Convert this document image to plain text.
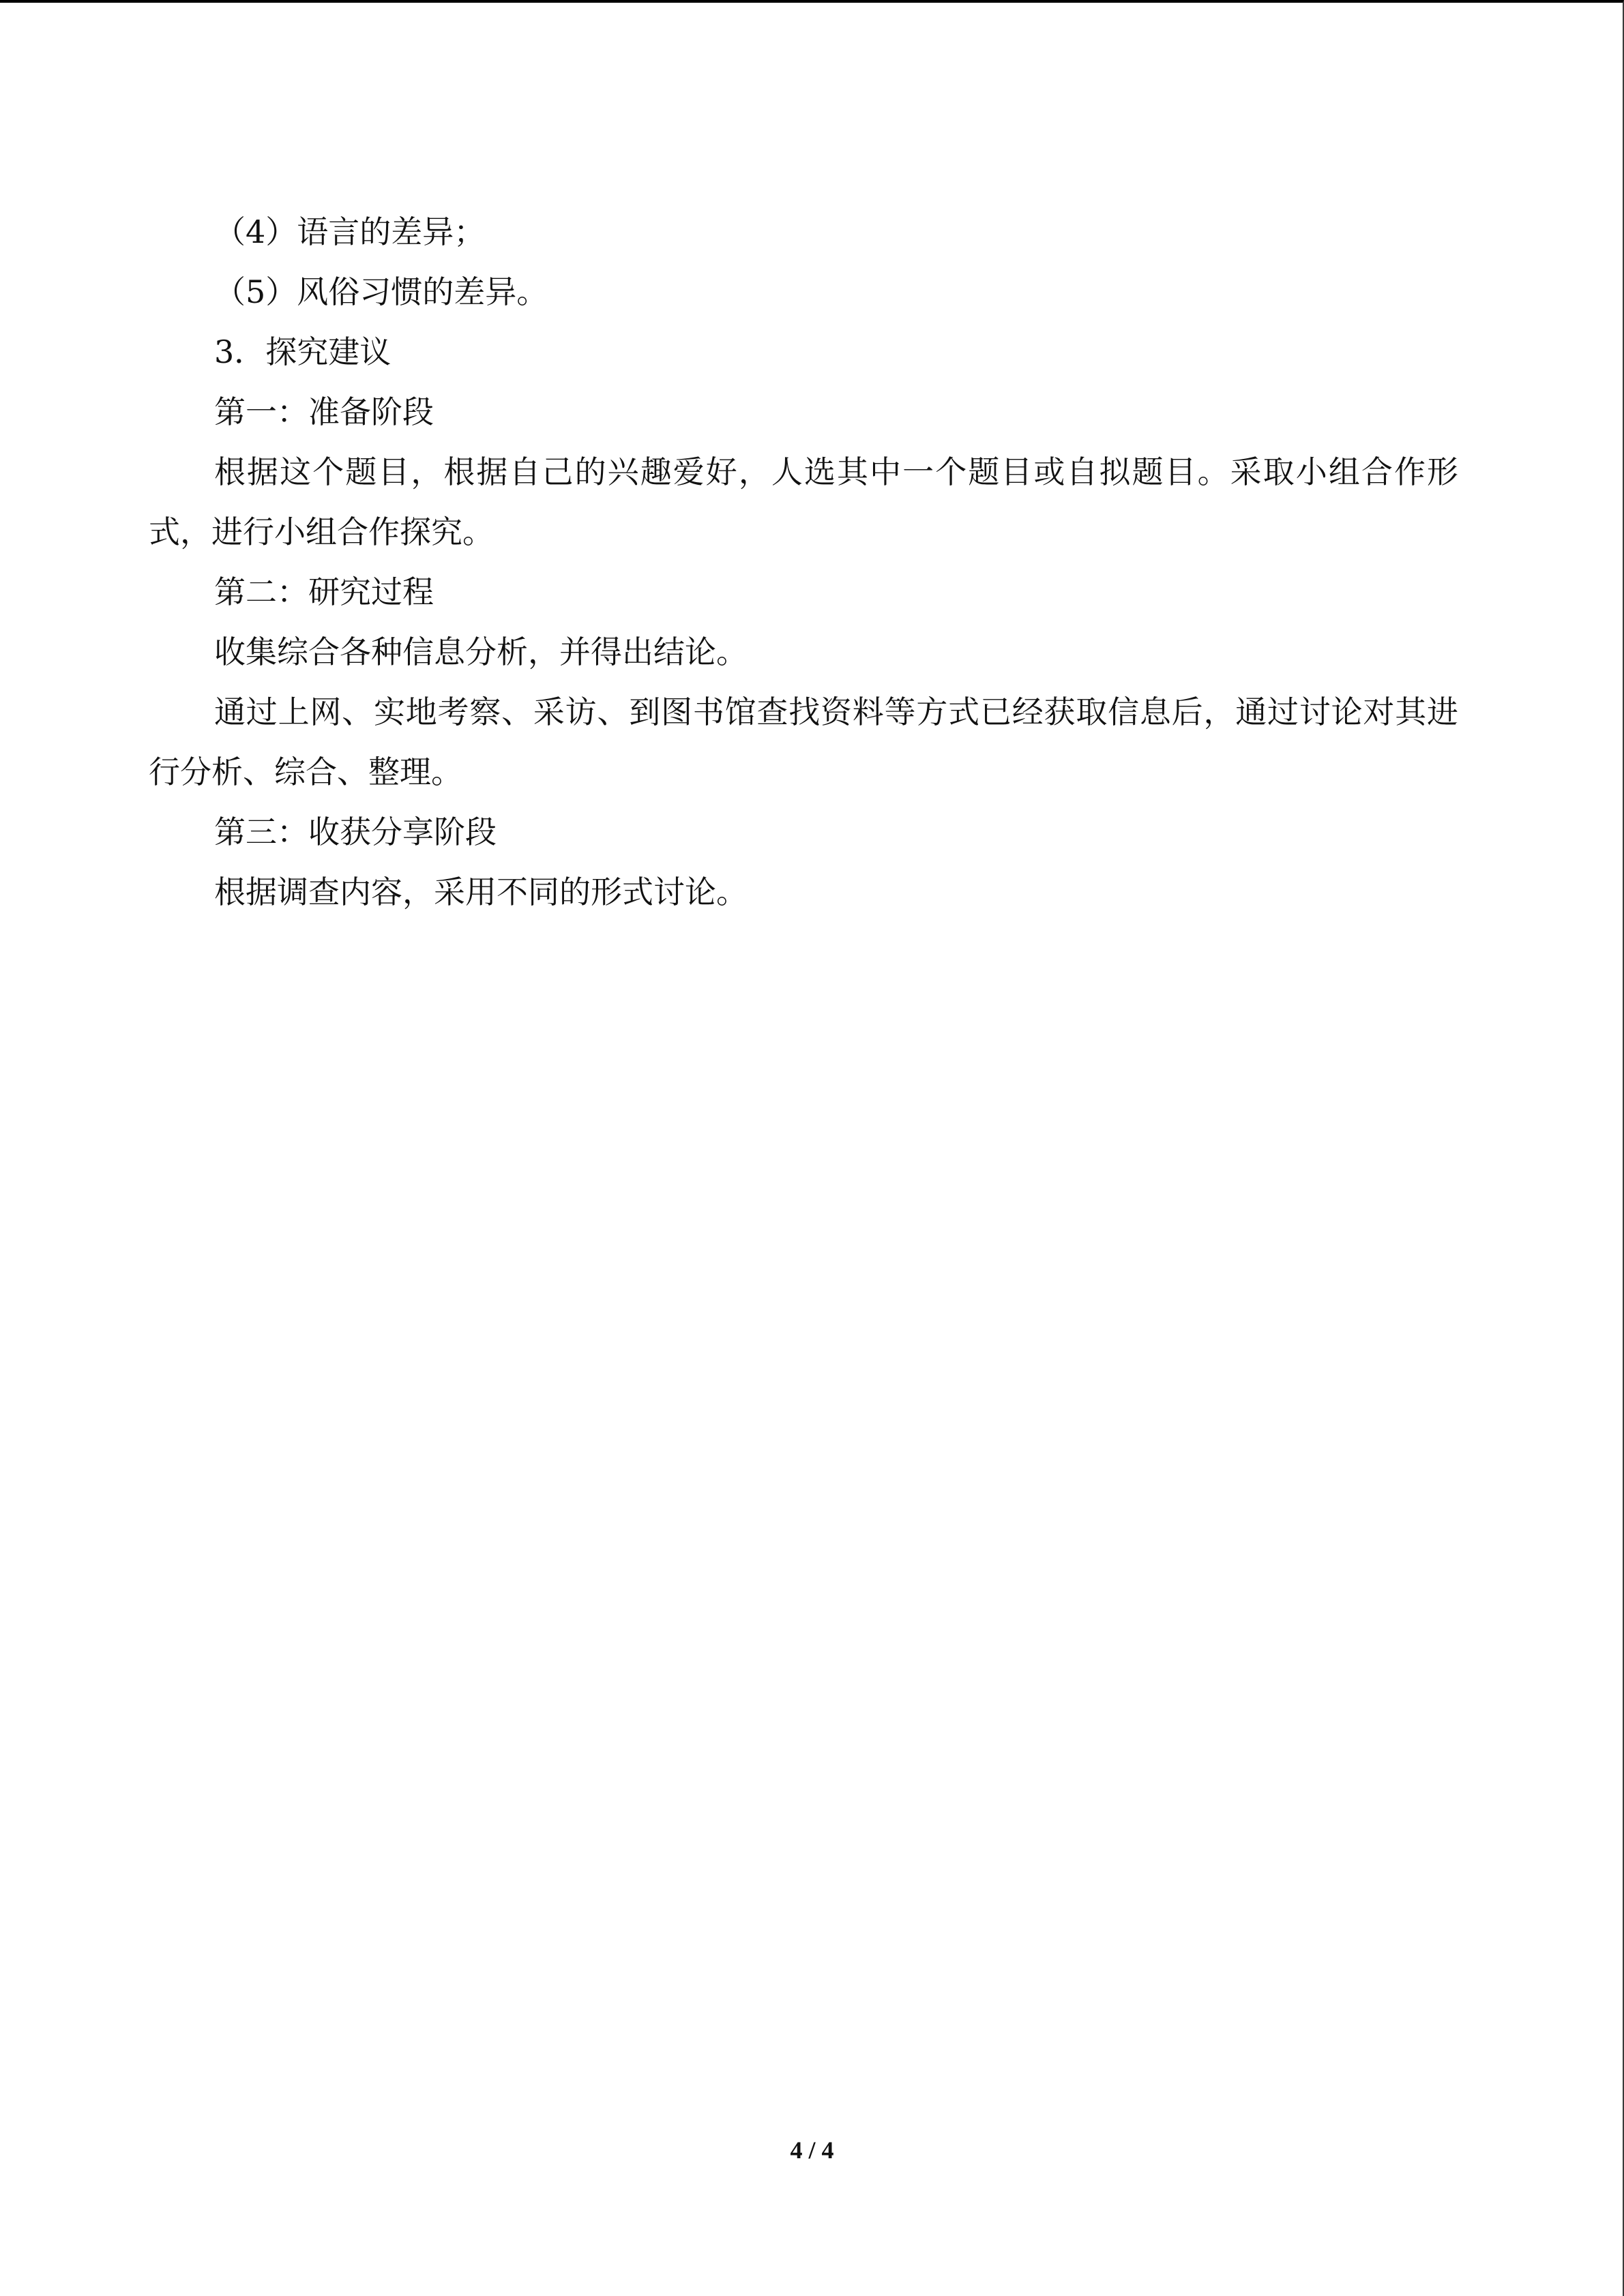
（4）语言的差异；

（5）风俗习惯的差异。

3．探究建议

第一：准备阶段

根据这个题目，根据自己的兴趣爱好，人选其中一个题目或自拟题目。采取小组合作形式，进行小组合作探究。

第二：研究过程

收集综合各种信息分析，并得出结论。

通过上网、实地考察、采访、到图书馆查找资料等方式已经获取信息后，通过讨论对其进行分析、综合、整理。

第三：收获分享阶段

根据调查内容，采用不同的形式讨论。

4 / 4
